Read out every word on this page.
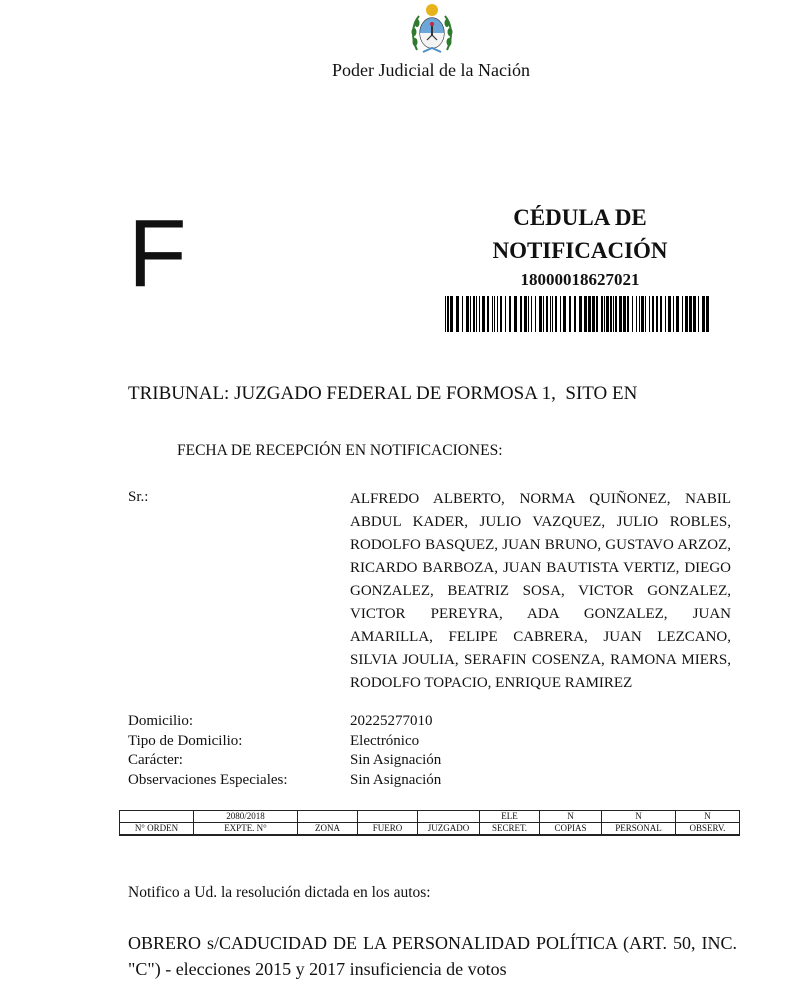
Poder Judicial de la Nación
F	CÉDULA DE NOTIFICACIÓN
18000018627021
TRIBUNAL: JUZGADO FEDERAL DE FORMOSA 1,  SITO EN
FECHA DE RECEPCIÓN EN NOTIFICACIONES:
Sr.:	ALFREDO ALBERTO, NORMA QUIÑONEZ, NABIL ABDUL KADER, JULIO VAZQUEZ, JULIO ROBLES, RODOLFO BASQUEZ, JUAN BRUNO, GUSTAVO ARZOZ, RICARDO BARBOZA, JUAN BAUTISTA VERTIZ, DIEGO GONZALEZ, BEATRIZ SOSA, VICTOR GONZALEZ, VICTOR PEREYRA, ADA GONZALEZ, JUAN AMARILLA, FELIPE CABRERA, JUAN LEZCANO, SILVIA JOULIA, SERAFIN COSENZA, RAMONA MIERS, RODOLFO TOPACIO, ENRIQUE RAMIREZ
Domicilio:	20225277010
Tipo de Domicilio:	Electrónico
Carácter:	Sin Asignación
Observaciones Especiales:	Sin Asignación
	2080/2018				ELE	N	N	N
N° ORDEN	EXPTE. N°	ZONA	FUERO	JUZGADO	SECRET.	COPIAS	PERSONAL	OBSERV.
Notifico a Ud. la resolución dictada en los autos:
OBRERO s/CADUCIDAD DE LA PERSONALIDAD POLÍTICA (ART. 50, INC. "C") - elecciones 2015 y 2017 insuficiencia de votos
